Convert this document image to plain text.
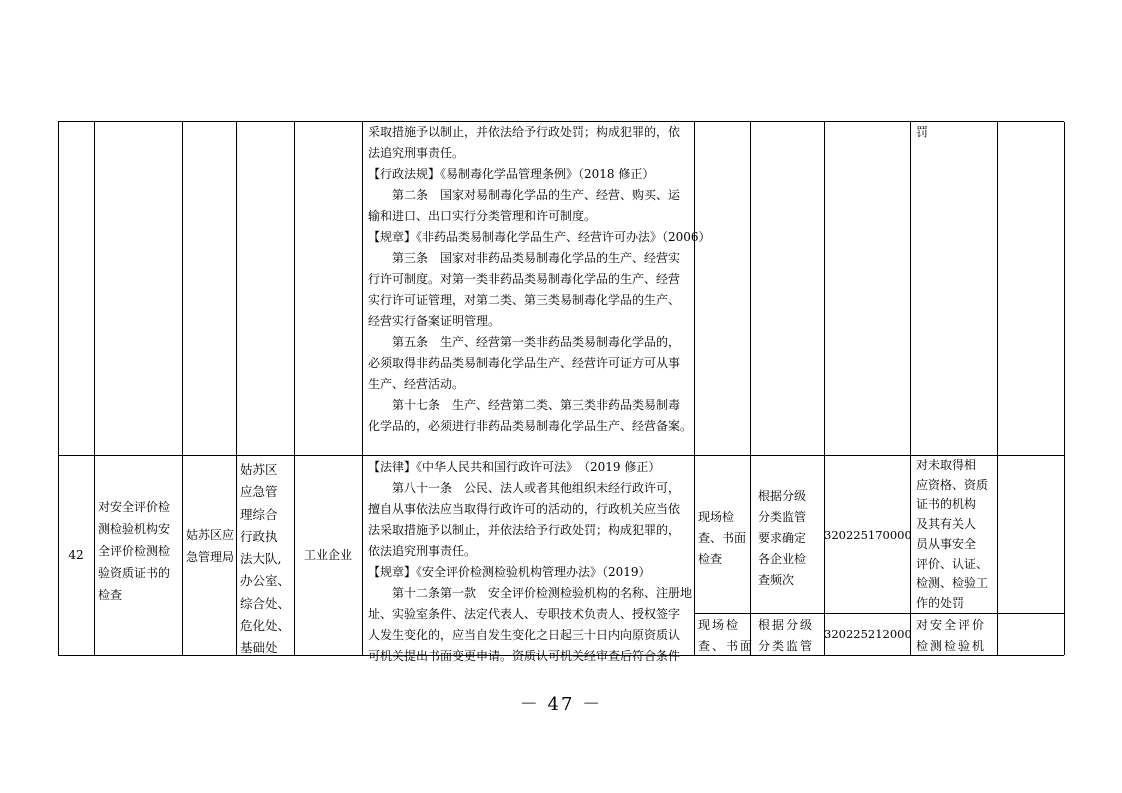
采取措施予以制止，并依法给予行政处罚；构成犯罪的，依
法追究刑事责任。
【行政法规】《易制毒化学品管理条例》（2018 修正）
第二条　国家对易制毒化学品的生产、经营、购买、运
输和进口、出口实行分类管理和许可制度。
【规章】《非药品类易制毒化学品生产、经营许可办法》（2006）
第三条　国家对非药品类易制毒化学品的生产、经营实
行许可制度。对第一类非药品类易制毒化学品的生产、经营
实行许可证管理，对第二类、第三类易制毒化学品的生产、
经营实行备案证明管理。
第五条　生产、经营第一类非药品类易制毒化学品的，
必须取得非药品类易制毒化学品生产、经营许可证方可从事
生产、经营活动。
第十七条　生产、经营第二类、第三类非药品类易制毒
化学品的，必须进行非药品类易制毒化学品生产、经营备案。
罚
42
对安全评价检测检验机构安全评价检测检验资质证书的检查
姑苏区应急管理局
姑苏区
应急管
理综合
行政执
法大队,
办公室、
综合处、
危化处、
基础处
工业企业
【法律】《中华人民共和国行政许可法》　（2019 修正）
第八十一条　公民、法人或者其他组织未经行政许可，
擅自从事依法应当取得行政许可的活动的，行政机关应当依
法采取措施予以制止，并依法给予行政处罚；构成犯罪的，
依法追究刑事责任。
【规章】《安全评价检测检验机构管理办法》（2019）
第十二条第一款　安全评价检测检验机构的名称、注册地
址、实验室条件、法定代表人、专职技术负责人、授权签字
人发生变化的，应当自发生变化之日起三十日内向原资质认
可机关提出书面变更申请。资质认可机关经审查后符合条件
现场检
查、书面
检查
根据分级
分类监管
要求确定
各企业检
查频次
320225170000
对未取得相
应资格、资质
证书的机构
及其有关人
员从事安全
评价、认证、
检测、检验工
作的处罚
现场检
查、书面
根据分级
分类监管
320225212000
对安全评价
检测检验机
－ 47 －
